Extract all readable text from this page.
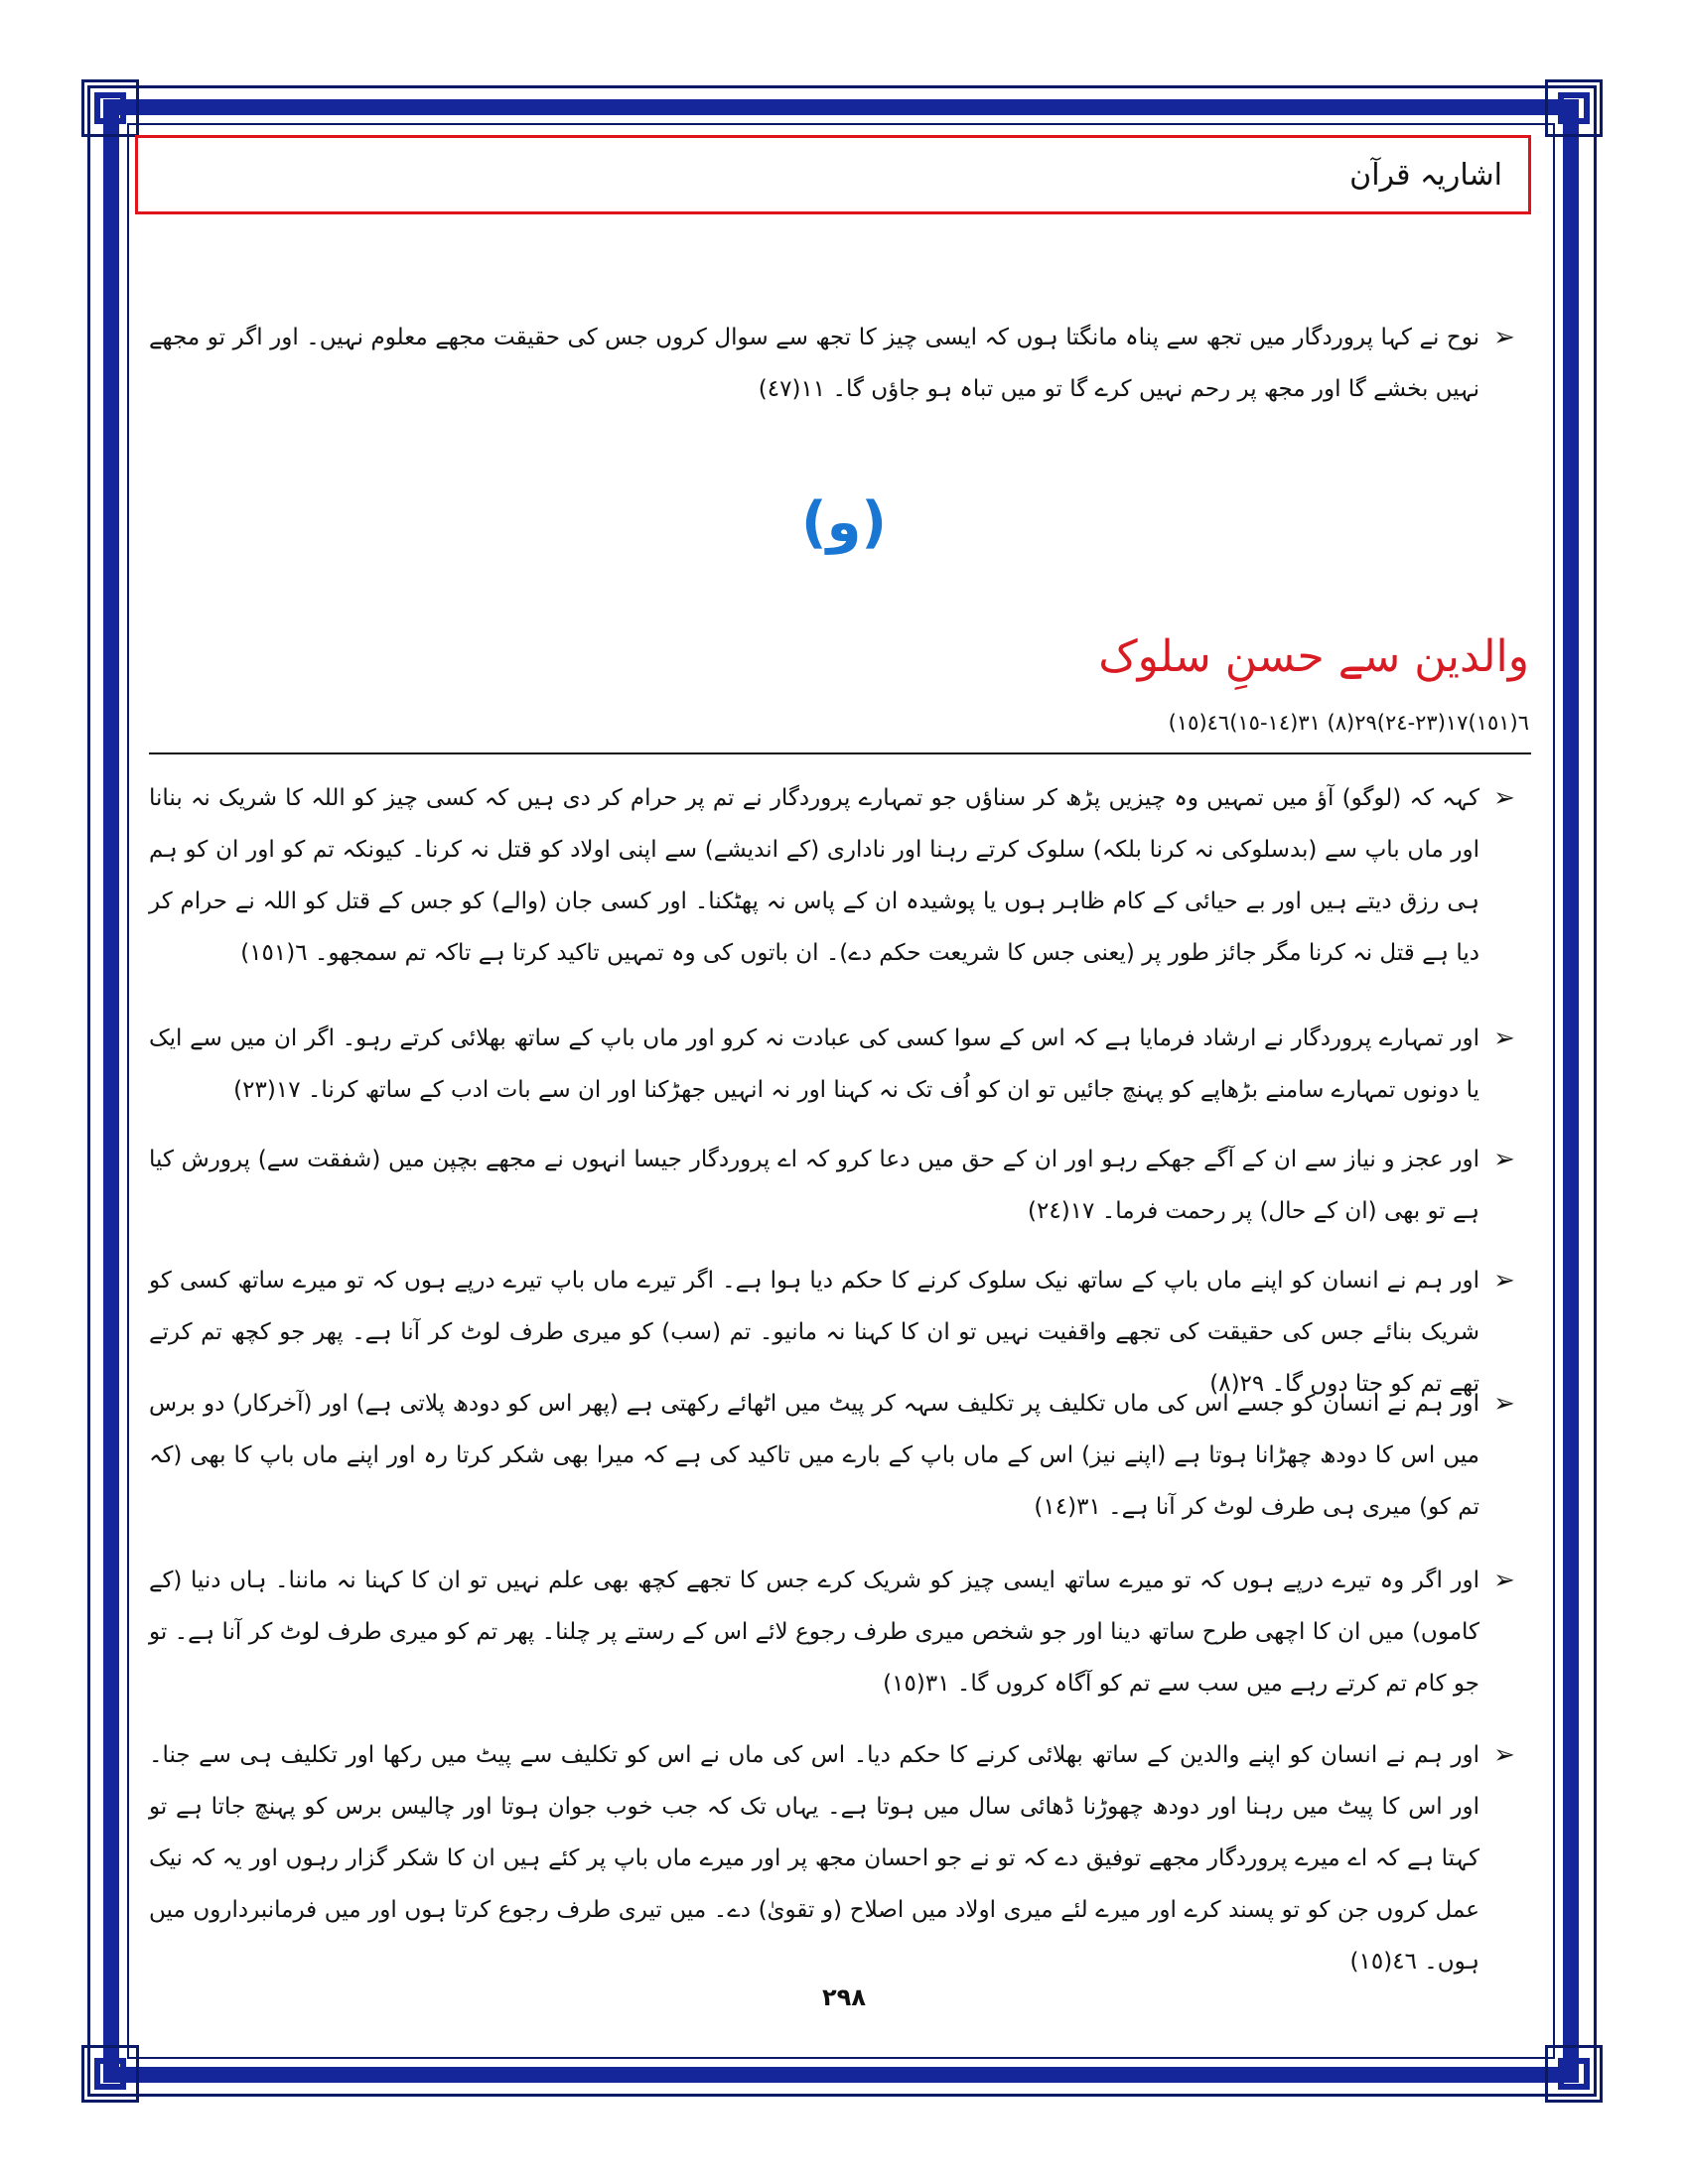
اشاریہ قرآن
➢
نوح نے کہا پروردگار میں تجھ سے پناہ مانگتا ہوں کہ ایسی چیز کا تجھ سے سوال کروں جس کی حقیقت مجھے معلوم نہیں۔ اور اگر تو مجھے نہیں بخشے گا اور مجھ پر رحم نہیں کرے گا تو میں تباہ ہو جاؤں گا۔ ١١(٤٧)
(و)
والدین سے حسنِ سلوک
٦(١٥١)١٧(٢٣-٢٤)٢٩(٨) ٣١(١٤-١٥)٤٦(١٥)
➢
کہہ کہ (لوگو) آؤ میں تمہیں وہ چیزیں پڑھ کر سناؤں جو تمہارے پروردگار نے تم پر حرام کر دی ہیں کہ کسی چیز کو اللہ کا شریک نہ بنانا اور ماں باپ سے (بدسلوکی نہ کرنا بلکہ) سلوک کرتے رہنا اور ناداری (کے اندیشے) سے اپنی اولاد کو قتل نہ کرنا۔ کیونکہ تم کو اور ان کو ہم ہی رزق دیتے ہیں اور بے حیائی کے کام ظاہر ہوں یا پوشیدہ ان کے پاس نہ پھٹکنا۔ اور کسی جان (والے) کو جس کے قتل کو اللہ نے حرام کر دیا ہے قتل نہ کرنا مگر جائز طور پر (یعنی جس کا شریعت حکم دے)۔ ان باتوں کی وہ تمہیں تاکید کرتا ہے تاکہ تم سمجھو۔ ٦(١٥١)
➢
اور تمہارے پروردگار نے ارشاد فرمایا ہے کہ اس کے سوا کسی کی عبادت نہ کرو اور ماں باپ کے ساتھ بھلائی کرتے رہو۔ اگر ان میں سے ایک یا دونوں تمہارے سامنے بڑھاپے کو پہنچ جائیں تو ان کو اُف تک نہ کہنا اور نہ انہیں جھڑکنا اور ان سے بات ادب کے ساتھ کرنا۔ ١٧(٢٣)
➢
اور عجز و نیاز سے ان کے آگے جھکے رہو اور ان کے حق میں دعا کرو کہ اے پروردگار جیسا انہوں نے مجھے بچپن میں (شفقت سے) پرورش کیا ہے تو بھی (ان کے حال) پر رحمت فرما۔ ١٧(٢٤)
➢
اور ہم نے انسان کو اپنے ماں باپ کے ساتھ نیک سلوک کرنے کا حکم دیا ہوا ہے۔ اگر تیرے ماں باپ تیرے درپے ہوں کہ تو میرے ساتھ کسی کو شریک بنائے جس کی حقیقت کی تجھے واقفیت نہیں تو ان کا کہنا نہ مانیو۔ تم (سب) کو میری طرف لوٹ کر آنا ہے۔ پھر جو کچھ تم کرتے تھے تم کو جتا دوں گا۔ ٢٩(٨)
➢
اور ہم نے انسان کو جسے اس کی ماں تکلیف پر تکلیف سہہ کر پیٹ میں اٹھائے رکھتی ہے (پھر اس کو دودھ پلاتی ہے) اور (آخرکار) دو برس میں اس کا دودھ چھڑانا ہوتا ہے (اپنے نیز) اس کے ماں باپ کے بارے میں تاکید کی ہے کہ میرا بھی شکر کرتا رہ اور اپنے ماں باپ کا بھی (کہ تم کو) میری ہی طرف لوٹ کر آنا ہے۔ ٣١(١٤)
➢
اور اگر وہ تیرے درپے ہوں کہ تو میرے ساتھ ایسی چیز کو شریک کرے جس کا تجھے کچھ بھی علم نہیں تو ان کا کہنا نہ ماننا۔ ہاں دنیا (کے کاموں) میں ان کا اچھی طرح ساتھ دینا اور جو شخص میری طرف رجوع لائے اس کے رستے پر چلنا۔ پھر تم کو میری طرف لوٹ کر آنا ہے۔ تو جو کام تم کرتے رہے میں سب سے تم کو آگاہ کروں گا۔ ٣١(١٥)
➢
اور ہم نے انسان کو اپنے والدین کے ساتھ بھلائی کرنے کا حکم دیا۔ اس کی ماں نے اس کو تکلیف سے پیٹ میں رکھا اور تکلیف ہی سے جنا۔ اور اس کا پیٹ میں رہنا اور دودھ چھوڑنا ڈھائی سال میں ہوتا ہے۔ یہاں تک کہ جب خوب جوان ہوتا اور چالیس برس کو پہنچ جاتا ہے تو کہتا ہے کہ اے میرے پروردگار مجھے توفیق دے کہ تو نے جو احسان مجھ پر اور میرے ماں باپ پر کئے ہیں ان کا شکر گزار رہوں اور یہ کہ نیک عمل کروں جن کو تو پسند کرے اور میرے لئے میری اولاد میں اصلاح (و تقویٰ) دے۔ میں تیری طرف رجوع کرتا ہوں اور میں فرمانبرداروں میں ہوں۔ ٤٦(١٥)
٢٩٨
